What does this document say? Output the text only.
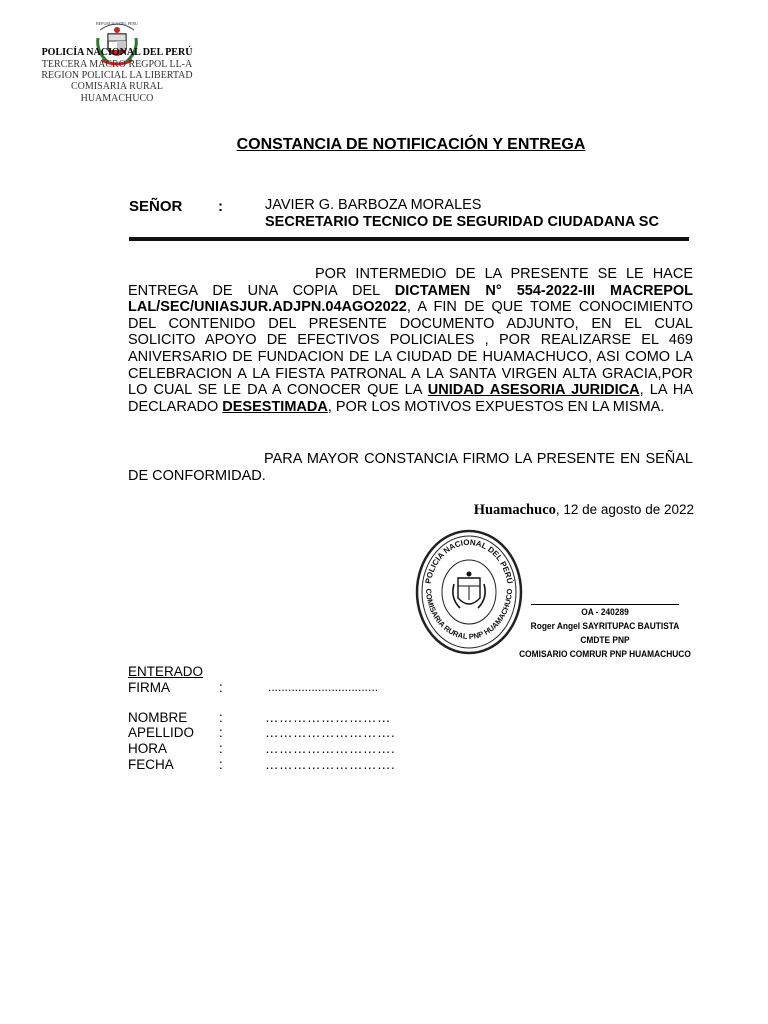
REPUBLICA DEL PERU
POLICÍA NACIONAL DEL PERÚ
TERCERA MACRO REGPOL LL-A
REGION POLICIAL LA LIBERTAD
COMISARIA RURAL
HUAMACHUCO
CONSTANCIA DE NOTIFICACIÓN Y ENTREGA
SEÑOR :	JAVIER G. BARBOZA MORALES
SECRETARIO TECNICO DE SEGURIDAD CIUDADANA SC
POR INTERMEDIO DE LA PRESENTE SE LE HACE ENTREGA DE UNA COPIA DEL DICTAMEN N° 554-2022-III MACREPOL LAL/SEC/UNIASJUR.ADJPN.04AGO2022, A FIN DE QUE TOME CONOCIMIENTO DEL CONTENIDO DEL PRESENTE DOCUMENTO ADJUNTO, EN EL CUAL SOLICITO APOYO DE EFECTIVOS POLICIALES , POR REALIZARSE EL 469 ANIVERSARIO DE FUNDACION DE LA CIUDAD DE HUAMACHUCO, ASI COMO LA CELEBRACION A LA FIESTA PATRONAL A LA SANTA VIRGEN ALTA GRACIA,POR LO CUAL SE LE DA A CONOCER QUE LA UNIDAD ASESORIA JURIDICA, LA HA DECLARADO DESESTIMADA, POR LOS MOTIVOS EXPUESTOS EN LA MISMA.
PARA MAYOR CONSTANCIA FIRMO LA PRESENTE EN SEÑAL DE CONFORMIDAD.
Huamachuco, 12 de agosto de 2022
POLICIA NACIONAL DEL PERÚ
COMISARIA RURAL PNP HUAMACHUCO
OA - 240289
Roger Angel SAYRITUPAC BAUTISTA
CMDTE PNP
COMISARIO COMRUR PNP HUAMACHUCO
ENTERADO
FIRMA	:	.................................
NOMBRE :	………………………
APELLIDO :	……………………….
HORA	:	……………………….
FECHA	:	……………………….
